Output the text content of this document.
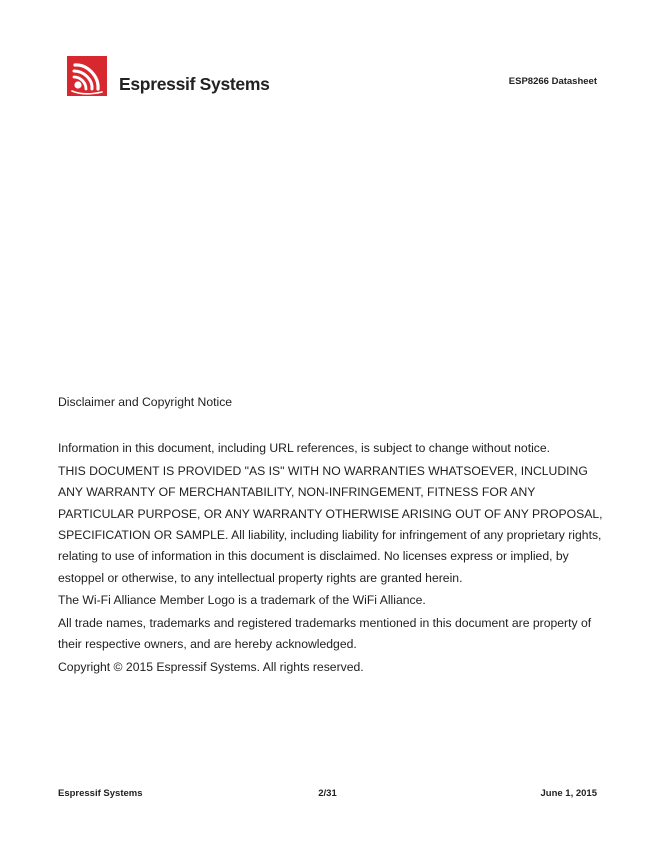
Espressif Systems	ESP8266 Datasheet
Disclaimer and Copyright Notice

Information in this document, including URL references, is subject to change without notice.

THIS DOCUMENT IS PROVIDED "AS IS" WITH NO WARRANTIES WHATSOEVER, INCLUDING ANY WARRANTY OF MERCHANTABILITY, NON-INFRINGEMENT, FITNESS FOR ANY PARTICULAR PURPOSE, OR ANY WARRANTY OTHERWISE ARISING OUT OF ANY PROPOSAL, SPECIFICATION OR SAMPLE. All liability, including liability for infringement of any proprietary rights, relating to use of information in this document is disclaimed. No licenses express or implied, by estoppel or otherwise, to any intellectual property rights are granted herein.

The Wi-Fi Alliance Member Logo is a trademark of the WiFi Alliance.

All trade names, trademarks and registered trademarks mentioned in this document are property of their respective owners, and are hereby acknowledged.

Copyright © 2015 Espressif Systems. All rights reserved.

Espressif Systems	2/31	June 1, 2015
